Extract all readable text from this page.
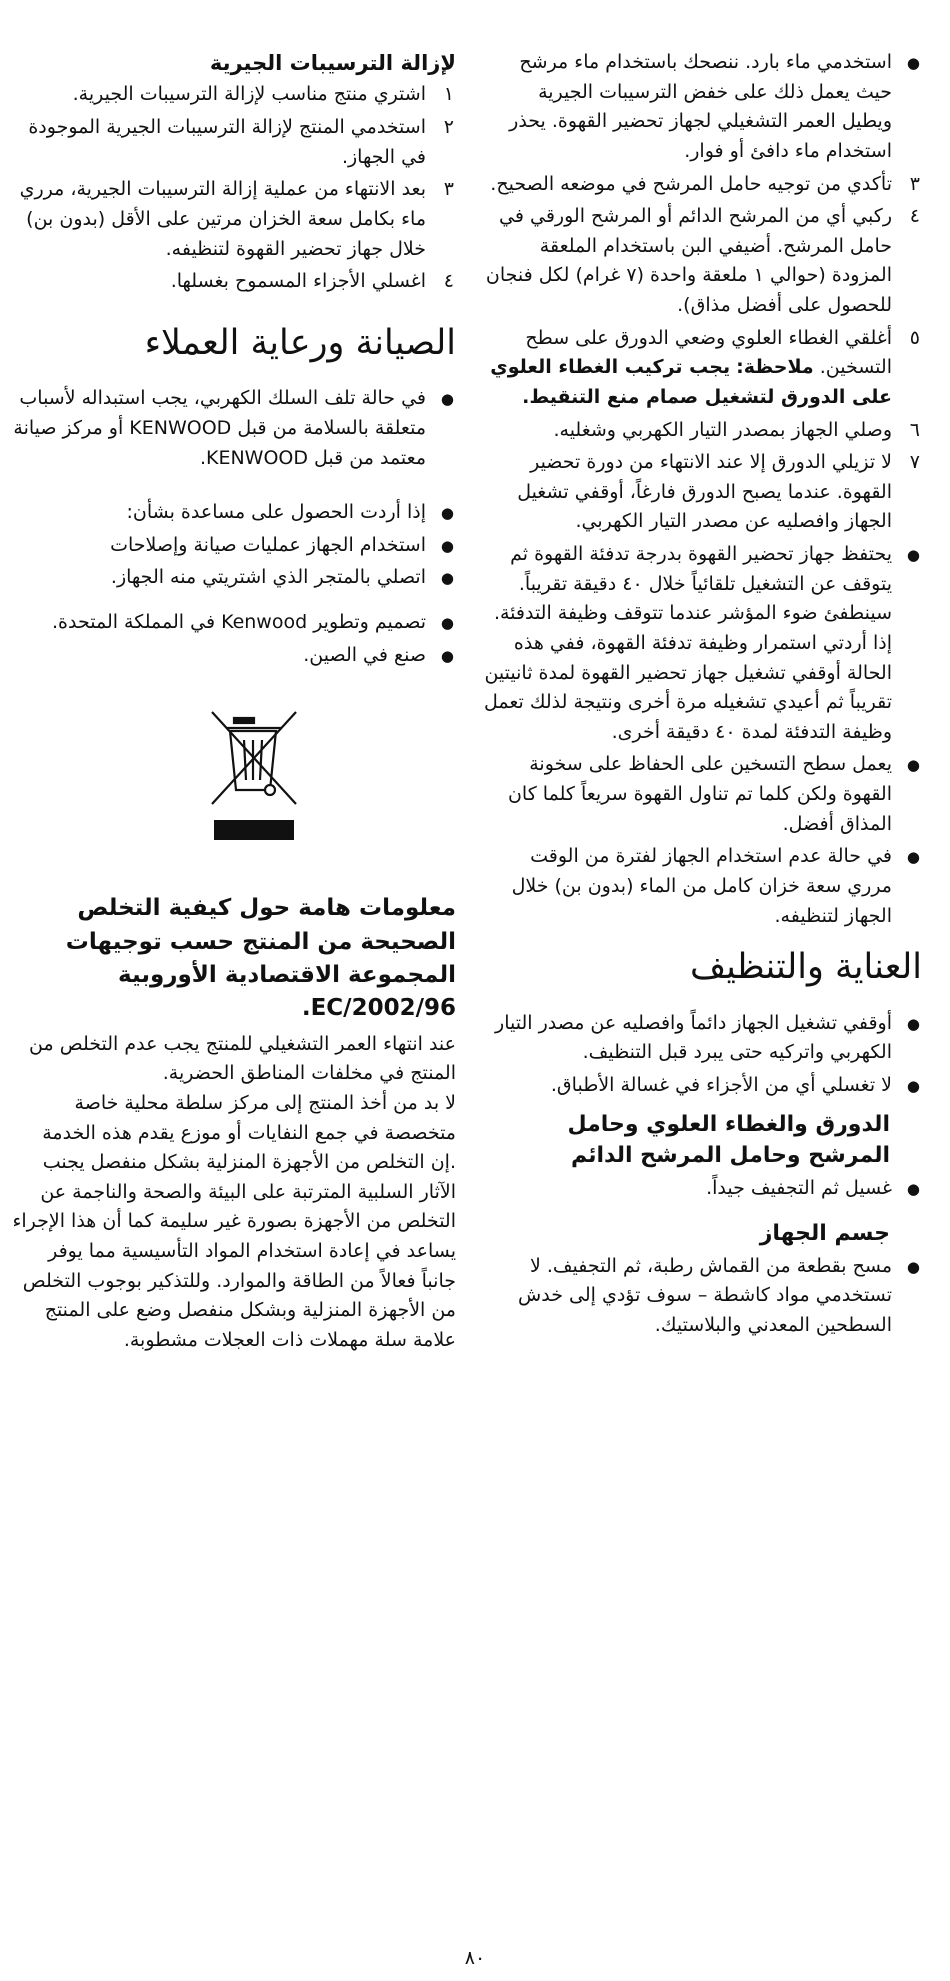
● استخدمي ماء بارد. ننصحك باستخدام ماء مرشح حيث يعمل ذلك على خفض الترسيبات الجيرية ويطيل العمر التشغيلي لجهاز تحضير القهوة. يحذر استخدام ماء دافئ أو فوار.
٣
تأكدي من توجيه حامل المرشح في موضعه الصحيح.
٤
ركبي أي من المرشح الدائم أو المرشح الورقي في حامل المرشح. أضيفي البن باستخدام الملعقة المزودة (حوالي ١ ملعقة واحدة (٧ غرام) لكل فنجان للحصول على أفضل مذاق).
٥
أغلقي الغطاء العلوي وضعي الدورق على سطح التسخين. ملاحظة: يجب تركيب الغطاء العلوي على الدورق لتشغيل صمام منع التنقيط.
٦
وصلي الجهاز بمصدر التيار الكهربي وشغليه.
٧
لا تزيلي الدورق إلا عند الانتهاء من دورة تحضير القهوة. عندما يصبح الدورق فارغاً، أوقفي تشغيل الجهاز وافصليه عن مصدر التيار الكهربي.
● يحتفظ جهاز تحضير القهوة بدرجة تدفئة القهوة ثم يتوقف عن التشغيل تلقائياً خلال ٤٠ دقيقة تقريباً. سينطفئ ضوء المؤشر عندما تتوقف وظيفة التدفئة. إذا أردتي استمرار وظيفة تدفئة القهوة، ففي هذه الحالة أوقفي تشغيل جهاز تحضير القهوة لمدة ثانيتين تقريباً ثم أعيدي تشغيله مرة أخرى ونتيجة لذلك تعمل وظيفة التدفئة لمدة ٤٠ دقيقة أخرى.
● يعمل سطح التسخين على الحفاظ على سخونة القهوة ولكن كلما تم تناول القهوة سريعاً كلما كان المذاق أفضل.
● في حالة عدم استخدام الجهاز لفترة من الوقت مرري سعة خزان كامل من الماء (بدون بن) خلال الجهاز لتنظيفه.
العناية والتنظيف
● أوقفي تشغيل الجهاز دائماً وافصليه عن مصدر التيار الكهربي واتركيه حتى يبرد قبل التنظيف.
● لا تغسلي أي من الأجزاء في غسالة الأطباق.
الدورق والغطاء العلوي وحامل المرشح وحامل المرشح الدائم
● غسيل ثم التجفيف جيداً.
جسم الجهاز
● مسح بقطعة من القماش رطبة، ثم التجفيف. لا تستخدمي مواد كاشطة – سوف تؤدي إلى خدش السطحين المعدني والبلاستيك.
لإزالة الترسيبات الجيرية
١
اشتري منتج مناسب لإزالة الترسيبات الجيرية.
٢
استخدمي المنتج لإزالة الترسيبات الجيرية الموجودة في الجهاز.
٣
بعد الانتهاء من عملية إزالة الترسيبات الجيرية، مرري ماء بكامل سعة الخزان مرتين على الأقل (بدون بن) خلال جهاز تحضير القهوة لتنظيفه.
٤
اغسلي الأجزاء المسموح بغسلها.
الصيانة ورعاية العملاء
● في حالة تلف السلك الكهربي، يجب استبداله لأسباب متعلقة بالسلامة من قبل KENWOOD أو مركز صيانة معتمد من قبل KENWOOD.
● إذا أردت الحصول على مساعدة بشأن:
● استخدام الجهاز عمليات صيانة وإصلاحات
● اتصلي بالمتجر الذي اشتريتي منه الجهاز.
● تصميم وتطوير Kenwood في المملكة المتحدة.
● صنع في الصين.
معلومات هامة حول كيفية التخلص الصحيحة من المنتج حسب توجيهات المجموعة الاقتصادية الأوروبية 2002/96/EC.

عند انتهاء العمر التشغيلي للمنتج يجب عدم التخلص من المنتج في مخلفات المناطق الحضرية.

لا بد من أخذ المنتج إلى مركز سلطة محلية خاصة متخصصة في جمع النفايات أو موزع يقدم هذه الخدمة .إن التخلص من الأجهزة المنزلية بشكل منفصل يجنب الآثار السلبية المترتبة على البيئة والصحة والناجمة عن التخلص من الأجهزة بصورة غير سليمة كما أن هذا الإجراء يساعد في إعادة استخدام المواد التأسيسية مما يوفر جانباً فعالاً من الطاقة والموارد. وللتذكير بوجوب التخلص من الأجهزة المنزلية وبشكل منفصل وضع على المنتج علامة سلة مهملات ذات العجلات مشطوبة.

٨٠
